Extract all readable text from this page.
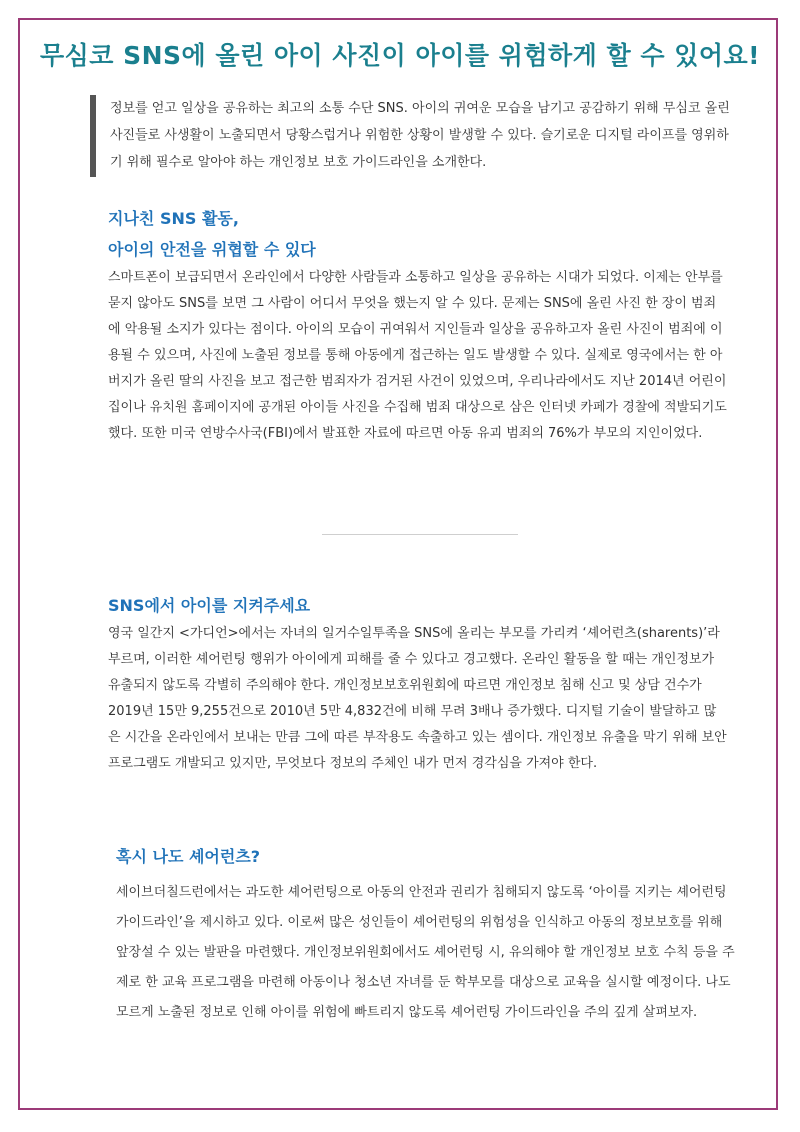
무심코 SNS에 올린 아이 사진이 아이를 위험하게 할 수 있어요!

정보를 얻고 일상을 공유하는 최고의 소통 수단 SNS. 아이의 귀여운 모습을 남기고 공감하기 위해 무심코 올린 사진들로 사생활이 노출되면서 당황스럽거나 위험한 상황이 발생할 수 있다. 슬기로운 디지털 라이프를 영위하기 위해 필수로 알아야 하는 개인정보 보호 가이드라인을 소개한다.

지나친 SNS 활동,
아이의 안전을 위협할 수 있다

스마트폰이 보급되면서 온라인에서 다양한 사람들과 소통하고 일상을 공유하는 시대가 되었다. 이제는 안부를 묻지 않아도 SNS를 보면 그 사람이 어디서 무엇을 했는지 알 수 있다. 문제는 SNS에 올린 사진 한 장이 범죄에 악용될 소지가 있다는 점이다. 아이의 모습이 귀여워서 지인들과 일상을 공유하고자 올린 사진이 범죄에 이용될 수 있으며, 사진에 노출된 정보를 통해 아동에게 접근하는 일도 발생할 수 있다. 실제로 영국에서는 한 아버지가 올린 딸의 사진을 보고 접근한 범죄자가 검거된 사건이 있었으며, 우리나라에서도 지난 2014년 어린이집이나 유치원 홈페이지에 공개된 아이들 사진을 수집해 범죄 대상으로 삼은 인터넷 카페가 경찰에 적발되기도 했다. 또한 미국 연방수사국(FBI)에서 발표한 자료에 따르면 아동 유괴 범죄의 76%가 부모의 지인이었다.

SNS에서 아이를 지켜주세요

영국 일간지 <가디언>에서는 자녀의 일거수일투족을 SNS에 올리는 부모를 가리켜 ‘셰어런츠(sharents)’라 부르며, 이러한 셰어런팅 행위가 아이에게 피해를 줄 수 있다고 경고했다. 온라인 활동을 할 때는 개인정보가 유출되지 않도록 각별히 주의해야 한다. 개인정보보호위원회에 따르면 개인정보 침해 신고 및 상담 건수가 2019년 15만 9,255건으로 2010년 5만 4,832건에 비해 무려 3배나 증가했다. 디지털 기술이 발달하고 많은 시간을 온라인에서 보내는 만큼 그에 따른 부작용도 속출하고 있는 셈이다. 개인정보 유출을 막기 위해 보안 프로그램도 개발되고 있지만, 무엇보다 정보의 주체인 내가 먼저 경각심을 가져야 한다.

혹시 나도 셰어런츠?

세이브더칠드런에서는 과도한 셰어런팅으로 아동의 안전과 권리가 침해되지 않도록 ‘아이를 지키는 셰어런팅 가이드라인’을 제시하고 있다. 이로써 많은 성인들이 셰어런팅의 위험성을 인식하고 아동의 정보보호를 위해 앞장설 수 있는 발판을 마련했다. 개인정보위원회에서도 셰어런팅 시, 유의해야 할 개인정보 보호 수칙 등을 주제로 한 교육 프로그램을 마련해 아동이나 청소년 자녀를 둔 학부모를 대상으로 교육을 실시할 예정이다. 나도 모르게 노출된 정보로 인해 아이를 위험에 빠트리지 않도록 셰어런팅 가이드라인을 주의 깊게 살펴보자.
